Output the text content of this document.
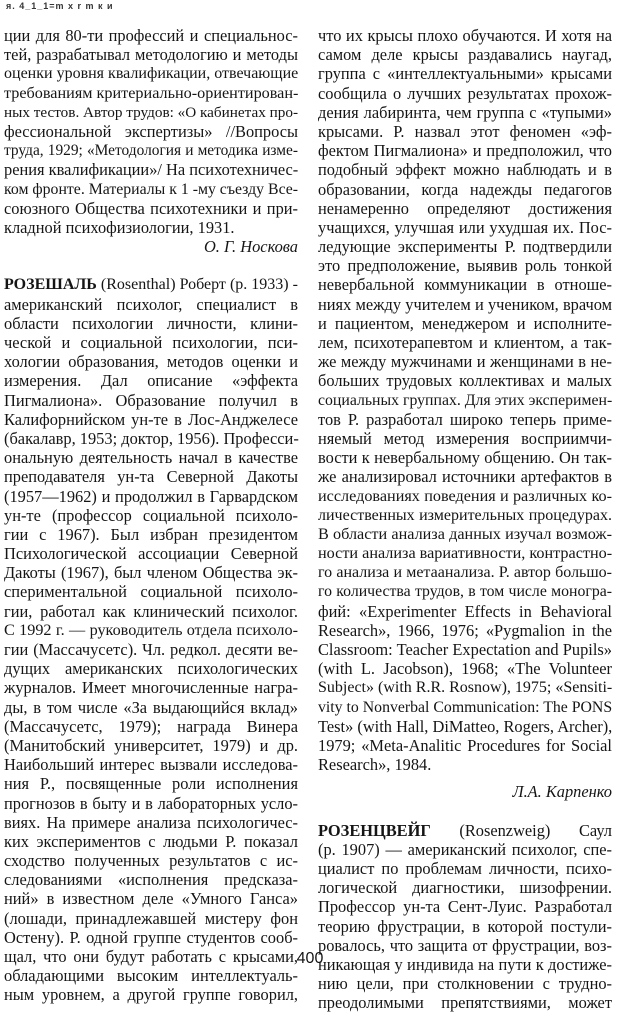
я. 4_1_1=m x r m к и
ции для 80-ти профессий и специальнос-
тей, разрабатывал методологию и методы
оценки уровня квалификации, отвечающие
требованиям критериально-ориентирован-
ных тестов. Автор трудов: «О кабинетах про-
фессиональной экспертизы» //Вопросы
труда, 1929; «Методология и методика изме-
рения квалификации»/ На психотехничес-
ком фронте. Материалы к 1 -му съезду Все-
союзного Общества психотехники и при-
кладной психофизиологии, 1931.
О. Г. Носкова
РОЗЕШАЛЬ (Rosenthal) Роберт (р. 1933) -
американский психолог, специалист в
области психологии личности, клини-
ческой и социальной психологии, пси-
хологии образования, методов оценки и
измерения. Дал описание «эффекта
Пигмалиона». Образование получил в
Калифорнийском ун-те в Лос-Анджелесе
(бакалавр, 1953; доктор, 1956). Професси-
ональную деятельность начал в качестве
преподавателя ун-та Северной Дакоты
(1957—1962) и продолжил в Гарвардском
ун-те (профессор социальной психоло-
гии с 1967). Был избран президентом
Психологической ассоциации Северной
Дакоты (1967), был членом Общества эк-
спериментальной социальной психоло-
гии, работал как клинический психолог.
С 1992 г. — руководитель отдела психоло-
гии (Массачусетс). Чл. редкол. десяти ве-
дущих американских психологических
журналов. Имеет многочисленные награ-
ды, в том числе «За выдающийся вклад»
(Массачусетс, 1979); награда Винера
(Манитобский университет, 1979) и др.
Наибольший интерес вызвали исследова-
ния Р., посвященные роли исполнения
прогнозов в быту и в лабораторных усло-
виях. На примере анализа психологичес-
ких экспериментов с людьми Р. показал
сходство полученных результатов с ис-
следованиями «исполнения предсказа-
ний» в известном деле «Умного Ганса»
(лошади, принадлежавшей мистеру фон
Остену). Р. одной группе студентов сооб-
щал, что они будут работать с крысами,
обладающими высоким интеллектуаль-
ным уровнем, а другой группе говорил,
что их крысы плохо обучаются. И хотя на
самом деле крысы раздавались наугад,
группа с «интеллектуальными» крысами
сообщила о лучших результатах прохож-
дения лабиринта, чем группа с «тупыми»
крысами. Р. назвал этот феномен «эф-
фектом Пигмалиона» и предположил, что
подобный эффект можно наблюдать и в
образовании, когда надежды педагогов
ненамеренно определяют достижения
учащихся, улучшая или ухудшая их. Пос-
ледующие эксперименты Р. подтвердили
это предположение, выявив роль тонкой
невербальной коммуникации в отноше-
ниях между учителем и учеником, врачом
и пациентом, менеджером и исполните-
лем, психотерапевтом и клиентом, а так-
же между мужчинами и женщинами в не-
больших трудовых коллективах и малых
социальных группах. Для этих эксперимен-
тов Р. разработал широко теперь приме-
няемый метод измерения восприимчи-
вости к невербальному общению. Он так-
же анализировал источники артефактов в
исследованиях поведения и различных ко-
личественных измерительных процедурах.
В области анализа данных изучал возмож-
ности анализа вариативности, контрастно-
го анализа и метаанализа. Р. автор большо-
го количества трудов, в том числе моногра-
фий: «Experimenter Effects in Behavioral
Research», 1966, 1976; «Pygmalion in the
Classroom: Teacher Expectation and Pupils»
(with L. Jacobson), 1968; «The Volunteer
Subject» (with R.R. Rosnow), 1975; «Sensiti-
vity to Nonverbal Communication: The PONS
Test» (with Hall, DiMatteo, Rogers, Archer),
1979; «Meta-Analitic Procedures for Social
Research», 1984.
Л.А. Карпенко
РОЗЕНЦВЕЙГ (Rosenzweig) Саул
(р. 1907) — американский психолог, спе-
циалист по проблемам личности, психо-
логической диагностики, шизофрении.
Профессор ун-та Сент-Луис. Разработал
теорию фрустрации, в которой постули-
ровалось, что защита от фрустрации, воз-
никающая у индивида на пути к достиже-
нию цели, при столкновении с трудно-
преодолимыми препятствиями, может
400
